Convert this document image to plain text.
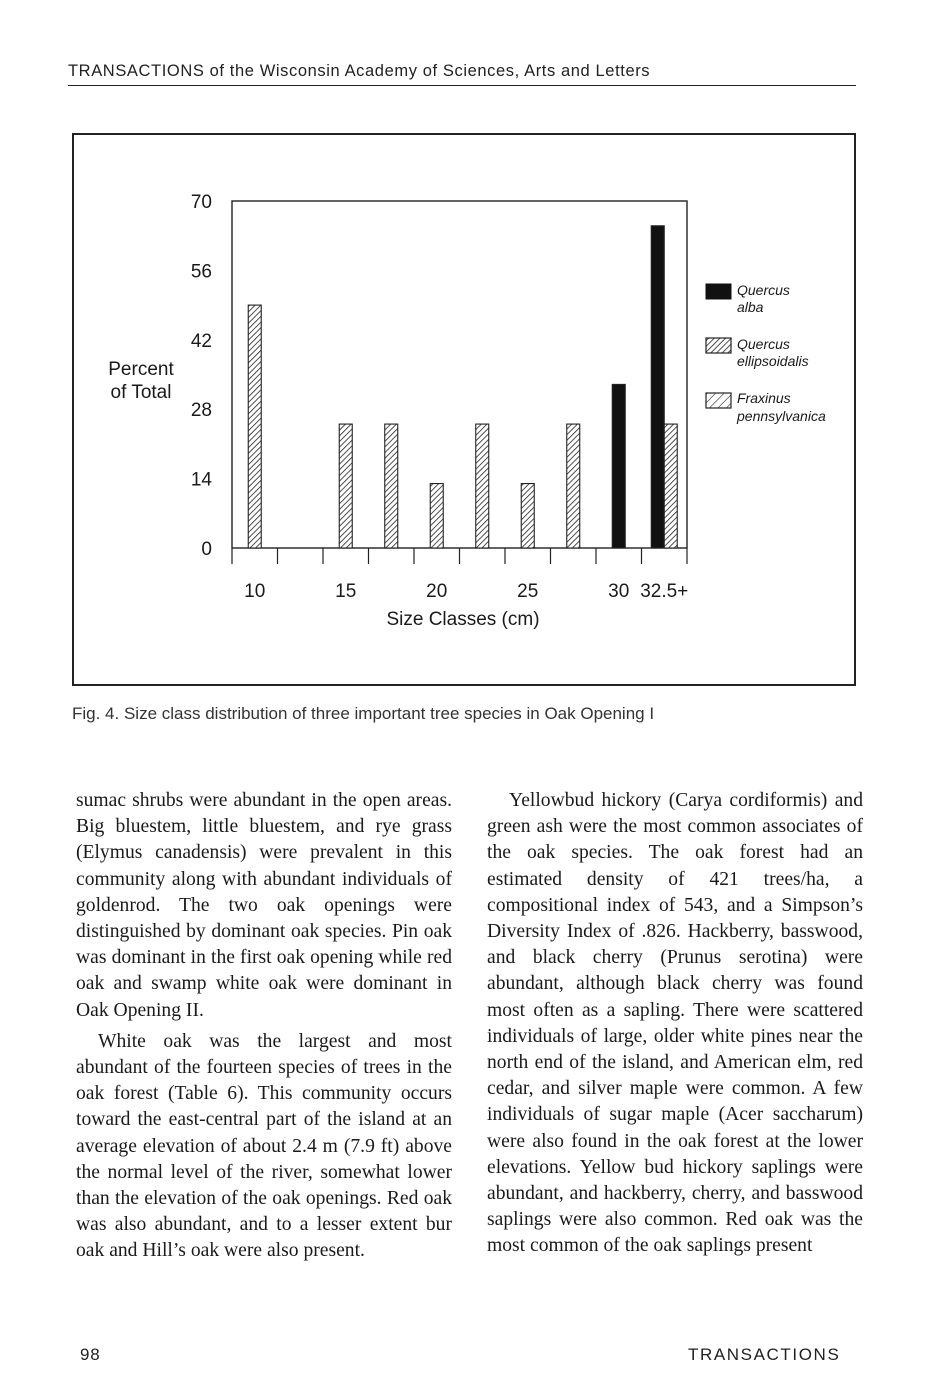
TRANSACTIONS of the Wisconsin Academy of Sciences, Arts and Letters
Percent
of Total
0
14
28
42
56
70
10	15	20	25	30 32.5+
Size Classes (cm)
Quercus
alba
Quercus
ellipsoidalis
Fraxinus
pennsylvanica
Fig. 4. Size class distribution of three important tree species in Oak Opening I

sumac shrubs were abundant in the open areas. Big bluestem, little bluestem, and rye grass (Elymus canadensis) were prevalent in this community along with abundant individuals of goldenrod. The two oak openings were distinguished by dominant oak species. Pin oak was dominant in the first oak opening while red oak and swamp white oak were dominant in Oak Opening II.

White oak was the largest and most abundant of the fourteen species of trees in the oak forest (Table 6). This community occurs toward the east-central part of the island at an average elevation of about 2.4 m (7.9 ft) above the normal level of the river, somewhat lower than the elevation of the oak openings. Red oak was also abundant, and to a lesser extent bur oak and Hill’s oak were also present.

Yellowbud hickory (Carya cordiformis) and green ash were the most common associates of the oak species. The oak forest had an estimated density of 421 trees/ha, a compositional index of 543, and a Simpson’s Diversity Index of .826. Hackberry, basswood, and black cherry (Prunus serotina) were abundant, although black cherry was found most often as a sapling. There were scattered individuals of large, older white pines near the north end of the island, and American elm, red cedar, and silver maple were common. A few individuals of sugar maple (Acer saccharum) were also found in the oak forest at the lower elevations. Yellow bud hickory saplings were abundant, and hackberry, cherry, and basswood saplings were also common. Red oak was the most common of the oak saplings present

98	TRANSACTIONS
